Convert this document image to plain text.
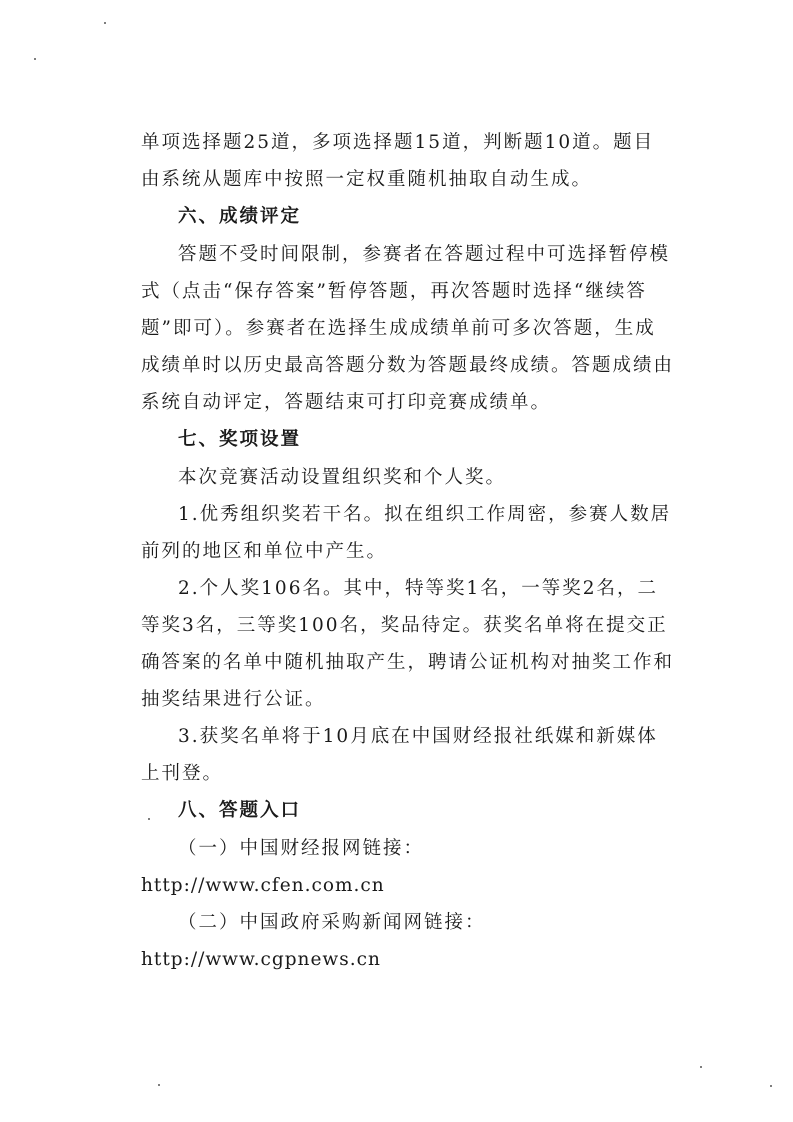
单项选择题25道，多项选择题15道，判断题10道。题目
由系统从题库中按照一定权重随机抽取自动生成。
六、成绩评定
答题不受时间限制，参赛者在答题过程中可选择暂停模
式（点击“保存答案”暂停答题，再次答题时选择“继续答
题”即可）。参赛者在选择生成成绩单前可多次答题，生成
成绩单时以历史最高答题分数为答题最终成绩。答题成绩由
系统自动评定，答题结束可打印竞赛成绩单。
七、奖项设置
本次竞赛活动设置组织奖和个人奖。
1.优秀组织奖若干名。拟在组织工作周密，参赛人数居
前列的地区和单位中产生。
2.个人奖106名。其中，特等奖1名，一等奖2名，二
等奖3名，三等奖100名，奖品待定。获奖名单将在提交正
确答案的名单中随机抽取产生，聘请公证机构对抽奖工作和
抽奖结果进行公证。
3.获奖名单将于10月底在中国财经报社纸媒和新媒体
上刊登。
八、答题入口
（一）中国财经报网链接：
http://www.cfen.com.cn
（二）中国政府采购新闻网链接：
http://www.cgpnews.cn
